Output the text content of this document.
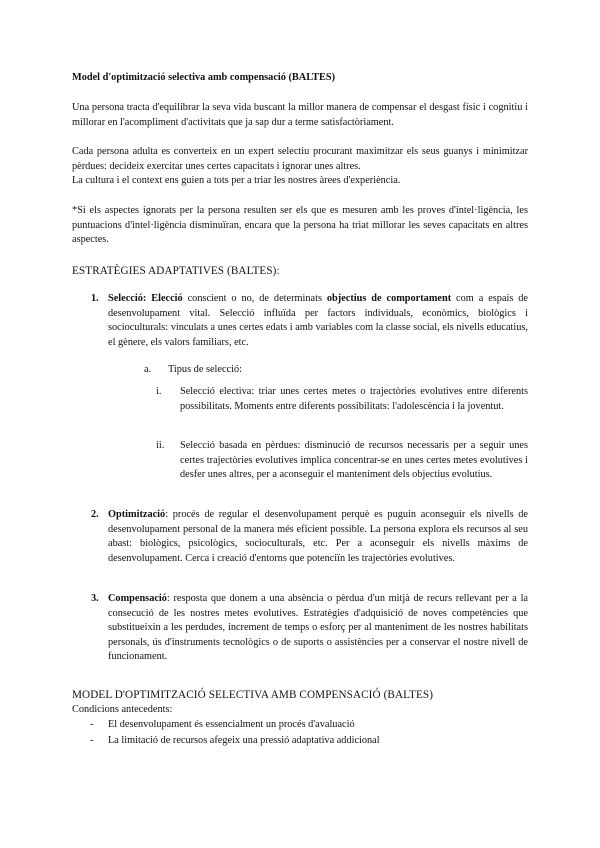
Model d'optimització selectiva amb compensació (BALTES)

Una persona tracta d'equilibrar la seva vida buscant la millor manera de compensar el desgast físic i cognitiu i millorar en l'acompliment d'activitats que ja sap dur a terme satisfactòriament.

Cada persona adulta es converteix en un expert selectiu procurant maximitzar els seus guanys i minimitzar pèrdues: decideix exercitar unes certes capacitats i ignorar unes altres.

La cultura i el context ens guien a tots per a triar les nostres àrees d'experiència.

*Si els aspectes ignorats per la persona resulten ser els que es mesuren amb les proves d'intel·ligència, les puntuacions d'intel·ligència disminuïran, encara que la persona ha triat millorar les seves capacitats en altres aspectes.

ESTRATÈGIES ADAPTATIVES (BALTES):

1. Selecció: Elecció conscient o no, de determinats objectius de comportament com a espais de desenvolupament vital. Selecció influïda per factors individuals, econòmics, biològics i socioculturals: vinculats a unes certes edats i amb variables com la classe social, els nivells educatius, el gènere, els valors familiars, etc.
a. Tipus de selecció:
i. Selecció electiva: triar unes certes metes o trajectòries evolutives entre diferents possibilitats. Moments entre diferents possibilitats: l'adolescència i la joventut.
ii. Selecció basada en pèrdues: disminució de recursos necessaris per a seguir unes certes trajectòries evolutives implica concentrar-se en unes certes metes evolutives i desfer unes altres, per a aconseguir el manteniment dels objectius evolutius.
2. Optimització: procés de regular el desenvolupament perquè es puguin aconseguir els nivells de desenvolupament personal de la manera més eficient possible. La persona explora els recursos al seu abast: biològics, psicològics, socioculturals, etc. Per a aconseguir els nivells màxims de desenvolupament. Cerca i creació d'entorns que potenciïn les trajectòries evolutives.
3. Compensació: resposta que donem a una absència o pèrdua d'un mitjà de recurs rellevant per a la consecució de les nostres metes evolutives. Estratègies d'adquisició de noves competències que substitueixin a les perdudes, increment de temps o esforç per al manteniment de les nostres habilitats personals, ús d'instruments tecnològics o de suports o assistències per a conservar el nostre nivell de funcionament.

MODEL D'OPTIMITZACIÓ SELECTIVA AMB COMPENSACIÓ (BALTES)

Condicions antecedents:

- El desenvolupament és essencialment un procés d'avaluació
- La limitació de recursos afegeix una pressió adaptativa addicional
